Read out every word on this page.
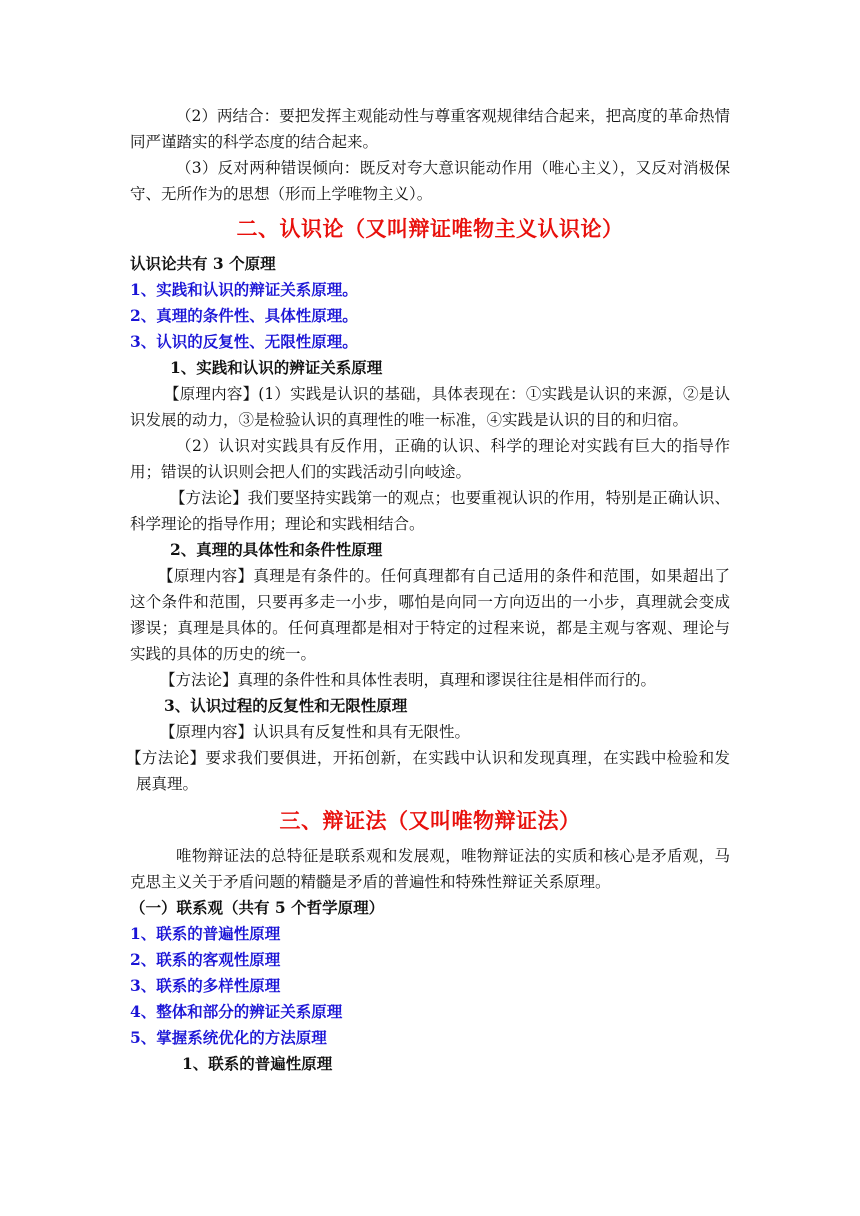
（2）两结合：要把发挥主观能动性与尊重客观规律结合起来，把高度的革命热情同严谨踏实的科学态度的结合起来。

（3）反对两种错误倾向：既反对夸大意识能动作用（唯心主义），又反对消极保守、无所作为的思想（形而上学唯物主义）。

二、认识论（又叫辩证唯物主义认识论）
认识论共有 3 个原理
1、实践和认识的辩证关系原理。
2、真理的条件性、具体性原理。
3、认识的反复性、无限性原理。
1、实践和认识的辨证关系原理

【原理内容】(1）实践是认识的基础，具体表现在：①实践是认识的来源，②是认识发展的动力，③是检验认识的真理性的唯一标准，④实践是认识的目的和归宿。

（2）认识对实践具有反作用，正确的认识、科学的理论对实践有巨大的指导作用；错误的认识则会把人们的实践活动引向岐途。

【方法论】我们要坚持实践第一的观点；也要重视认识的作用，特别是正确认识、科学理论的指导作用；理论和实践相结合。

2、真理的具体性和条件性原理

【原理内容】真理是有条件的。任何真理都有自己适用的条件和范围，如果超出了这个条件和范围，只要再多走一小步，哪怕是向同一方向迈出的一小步，真理就会变成谬误；真理是具体的。任何真理都是相对于特定的过程来说，都是主观与客观、理论与实践的具体的历史的统一。

【方法论】真理的条件性和具体性表明，真理和谬误往往是相伴而行的。

3、认识过程的反复性和无限性原理

【原理内容】认识具有反复性和具有无限性。

【方法论】要求我们要俱进，开拓创新，在实践中认识和发现真理，在实践中检验和发展真理。

三、辩证法（又叫唯物辩证法）

唯物辩证法的总特征是联系观和发展观，唯物辩证法的实质和核心是矛盾观，马克思主义关于矛盾问题的精髓是矛盾的普遍性和特殊性辩证关系原理。

（一）联系观（共有 5 个哲学原理）
1、联系的普遍性原理
2、联系的客观性原理
3、联系的多样性原理
4、整体和部分的辨证关系原理
5、掌握系统优化的方法原理
1、联系的普遍性原理
